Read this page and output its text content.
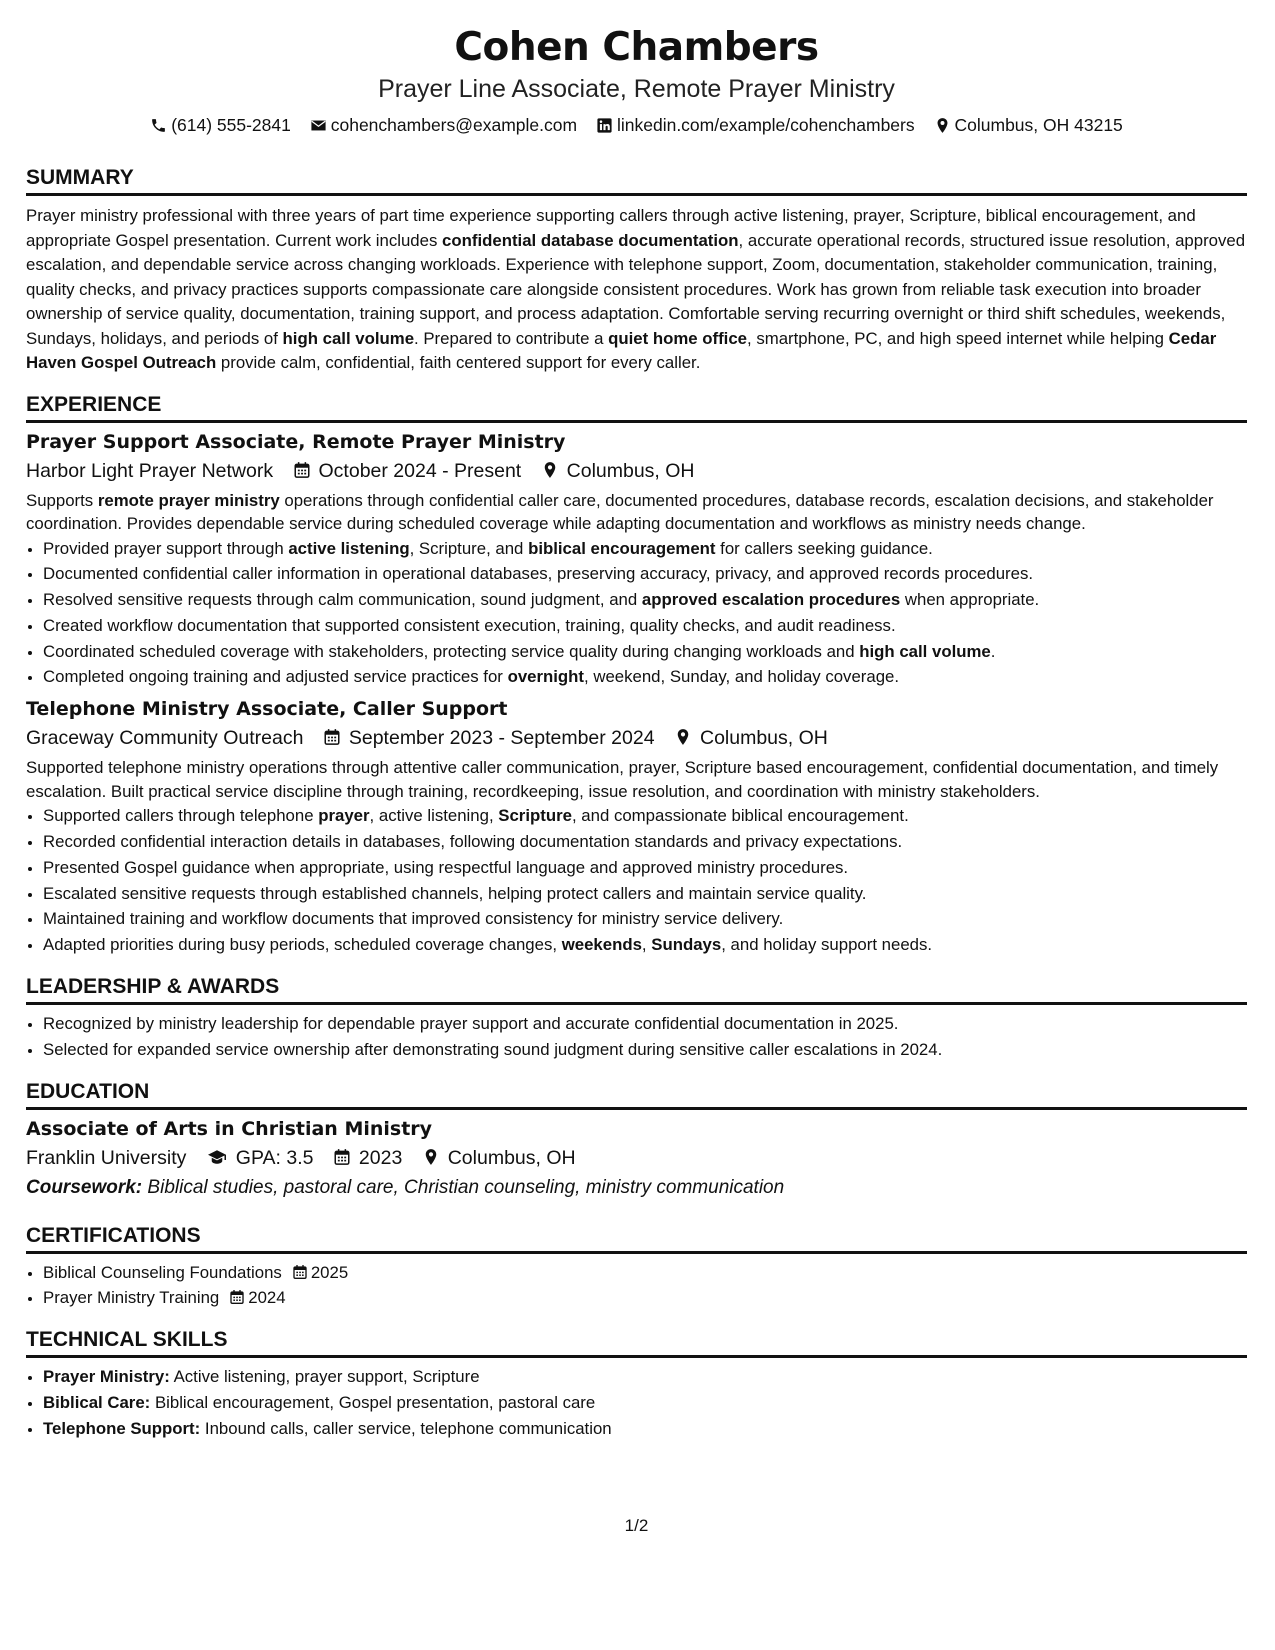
Cohen Chambers
Prayer Line Associate, Remote Prayer Ministry
(614) 555-2841 cohenchambers@example.com linkedin.com/example/cohenchambers Columbus, OH 43215
SUMMARY
Prayer ministry professional with three years of part time experience supporting callers through active listening, prayer, Scripture, biblical encouragement, and appropriate Gospel presentation. Current work includes confidential database documentation, accurate operational records, structured issue resolution, approved escalation, and dependable service across changing workloads. Experience with telephone support, Zoom, documentation, stakeholder communication, training, quality checks, and privacy practices supports compassionate care alongside consistent procedures. Work has grown from reliable task execution into broader ownership of service quality, documentation, training support, and process adaptation. Comfortable serving recurring overnight or third shift schedules, weekends, Sundays, holidays, and periods of high call volume. Prepared to contribute a quiet home office, smartphone, PC, and high speed internet while helping Cedar Haven Gospel Outreach provide calm, confidential, faith centered support for every caller.
EXPERIENCE
Prayer Support Associate, Remote Prayer Ministry
Harbor Light Prayer Network October 2024 - Present Columbus, OH
Supports remote prayer ministry operations through confidential caller care, documented procedures, database records, escalation decisions, and stakeholder coordination. Provides dependable service during scheduled coverage while adapting documentation and workflows as ministry needs change.
• Provided prayer support through active listening, Scripture, and biblical encouragement for callers seeking guidance.
• Documented confidential caller information in operational databases, preserving accuracy, privacy, and approved records procedures.
• Resolved sensitive requests through calm communication, sound judgment, and approved escalation procedures when appropriate.
• Created workflow documentation that supported consistent execution, training, quality checks, and audit readiness.
• Coordinated scheduled coverage with stakeholders, protecting service quality during changing workloads and high call volume.
• Completed ongoing training and adjusted service practices for overnight, weekend, Sunday, and holiday coverage.
Telephone Ministry Associate, Caller Support
Graceway Community Outreach September 2023 - September 2024 Columbus, OH
Supported telephone ministry operations through attentive caller communication, prayer, Scripture based encouragement, confidential documentation, and timely escalation. Built practical service discipline through training, recordkeeping, issue resolution, and coordination with ministry stakeholders.
• Supported callers through telephone prayer, active listening, Scripture, and compassionate biblical encouragement.
• Recorded confidential interaction details in databases, following documentation standards and privacy expectations.
• Presented Gospel guidance when appropriate, using respectful language and approved ministry procedures.
• Escalated sensitive requests through established channels, helping protect callers and maintain service quality.
• Maintained training and workflow documents that improved consistency for ministry service delivery.
• Adapted priorities during busy periods, scheduled coverage changes, weekends, Sundays, and holiday support needs.
LEADERSHIP & AWARDS
• Recognized by ministry leadership for dependable prayer support and accurate confidential documentation in 2025.
• Selected for expanded service ownership after demonstrating sound judgment during sensitive caller escalations in 2024.
EDUCATION
Associate of Arts in Christian Ministry
Franklin University	GPA: 3.5 2023 Columbus, OH
Coursework: Biblical studies, pastoral care, Christian counseling, ministry communication
CERTIFICATIONS
• Biblical Counseling Foundations 2025
• Prayer Ministry Training 2024
TECHNICAL SKILLS
• Prayer Ministry: Active listening, prayer support, Scripture
• Biblical Care: Biblical encouragement, Gospel presentation, pastoral care
• Telephone Support: Inbound calls, caller service, telephone communication
1/2
